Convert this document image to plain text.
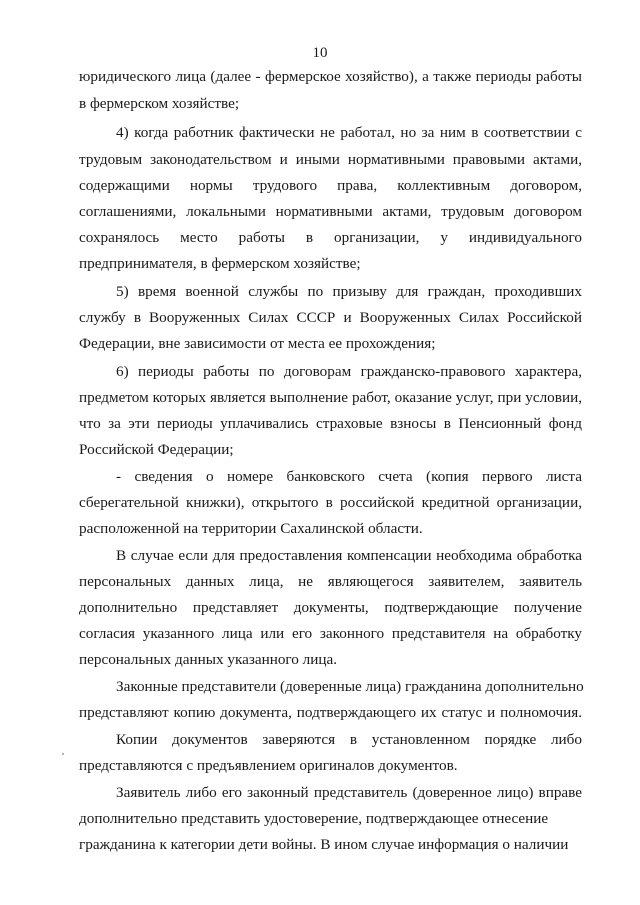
10
юридического лица (далее - фермерское хозяйство), а также периоды работы
в фермерском хозяйстве;
4) когда работник фактически не работал, но за ним в соответствии с
трудовым законодательством и иными нормативными правовыми актами,
содержащими нормы трудового права, коллективным договором,
соглашениями, локальными нормативными актами, трудовым договором
сохранялось место работы в организации, у индивидуального
предпринимателя, в фермерском хозяйстве;
5) время военной службы по призыву для граждан, проходивших
службу в Вооруженных Силах СССР и Вооруженных Силах Российской
Федерации, вне зависимости от места ее прохождения;
6) периоды работы по договорам гражданско-правового характера,
предметом которых является выполнение работ, оказание услуг, при условии,
что за эти периоды уплачивались страховые взносы в Пенсионный фонд
Российской Федерации;
- сведения о номере банковского счета (копия первого листа
сберегательной книжки), открытого в российской кредитной организации,
расположенной на территории Сахалинской области.
В случае если для предоставления компенсации необходима обработка
персональных данных лица, не являющегося заявителем, заявитель
дополнительно представляет документы, подтверждающие получение
согласия указанного лица или его законного представителя на обработку
персональных данных указанного лица.
Законные представители (доверенные лица) гражданина дополнительно
представляют копию документа, подтверждающего их статус и полномочия.
Копии документов заверяются в установленном порядке либо
представляются с предъявлением оригиналов документов.
Заявитель либо его законный представитель (доверенное лицо) вправе
дополнительно представить удостоверение, подтверждающее отнесение
гражданина к категории дети войны. В ином случае информация о наличии
